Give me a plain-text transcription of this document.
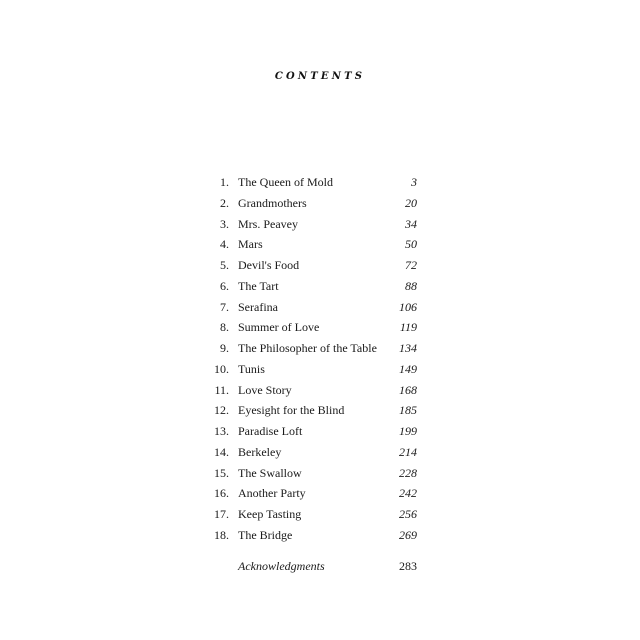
CONTENTS
1. The Queen of Mold	3
2. Grandmothers	20
3. Mrs. Peavey	34
4. Mars	50
5. Devil's Food	72
6. The Tart	88
7. Serafina	106
8. Summer of Love	119
9. The Philosopher of the Table 134
10. Tunis	149
11. Love Story	168
12. Eyesight for the Blind	185
13. Paradise Loft	199
14. Berkeley	214
15. The Swallow	228
16. Another Party	242
17. Keep Tasting	256
18. The Bridge	269
Acknowledgments	283
